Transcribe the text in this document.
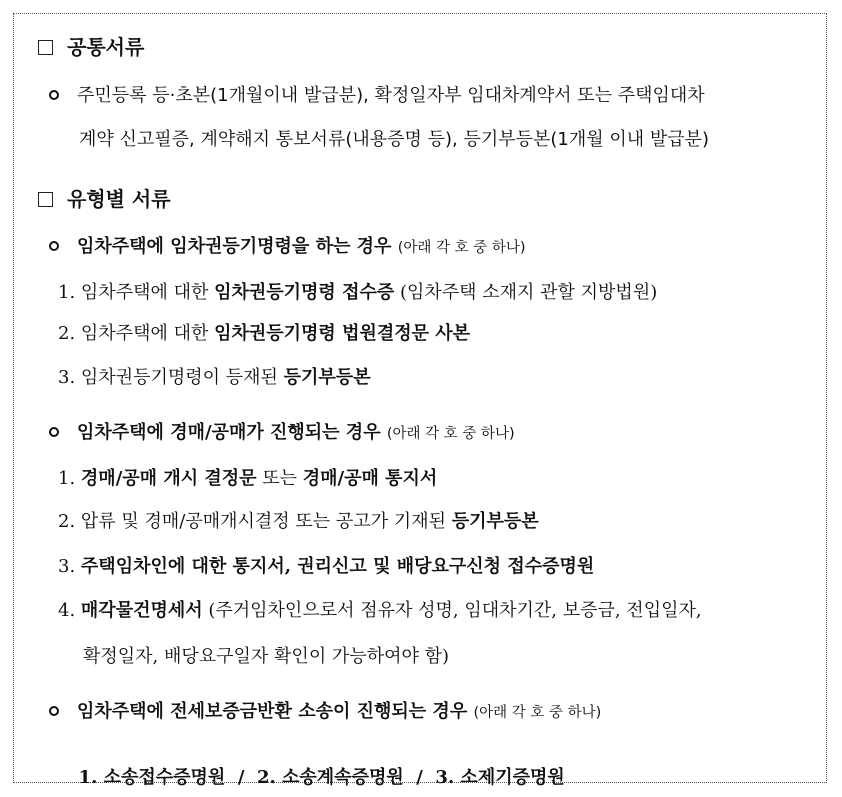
공통서류
주민등록 등·초본(1개월이내 발급분), 확정일자부 임대차계약서 또는 주택임대차
계약 신고필증, 계약해지 통보서류(내용증명 등), 등기부등본(1개월 이내 발급분)
유형별 서류
임차주택에 임차권등기명령을 하는 경우 (아래 각 호 중 하나)
1. 임차주택에 대한 임차권등기명령 접수증 (임차주택 소재지 관할 지방법원)
2. 임차주택에 대한 임차권등기명령 법원결정문 사본
3. 임차권등기명령이 등재된 등기부등본
임차주택에 경매/공매가 진행되는 경우 (아래 각 호 중 하나)
1. 경매/공매 개시 결정문 또는 경매/공매 통지서
2. 압류 및 경매/공매개시결정 또는 공고가 기재된 등기부등본
3. 주택임차인에 대한 통지서, 권리신고 및 배당요구신청 접수증명원
4. 매각물건명세서 (주거임차인으로서 점유자 성명, 임대차기간, 보증금, 전입일자,
확정일자, 배당요구일자 확인이 가능하여야 함)
임차주택에 전세보증금반환 소송이 진행되는 경우 (아래 각 호 중 하나)

1. 소송접수증명원  /  2. 소송계속증명원  /  3. 소제기증명원
